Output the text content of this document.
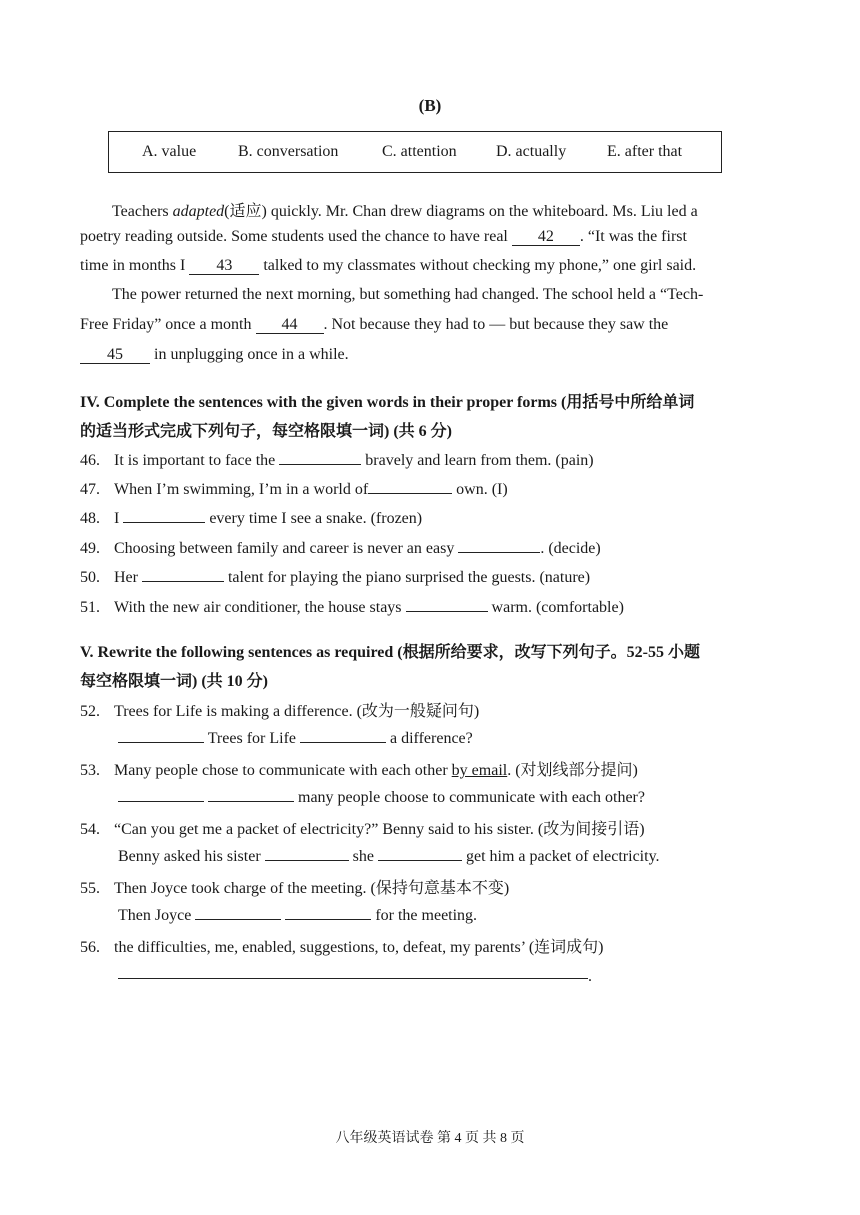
(B)
A. value	B. conversation	C. attention D. actually	E. after that
Teachers adapted(适应) quickly. Mr. Chan drew diagrams on the whiteboard. Ms. Liu led a
poetry reading outside. Some students used the chance to have real 42 . “It was the first
time in months I 43 talked to my classmates without checking my phone,” one girl said.
The power returned the next morning, but something had changed. The school held a “Tech-
Free Friday” once a month 44 . Not because they had to — but because they saw the
45 in unplugging once in a while.
IV. Complete the sentences with the given words in their proper forms (用括号中所给单词
的适当形式完成下列句子，每空格限填一词) (共 6 分)
46. It is important to face the	bravely and learn from them. (pain)
47. When I’m swimming, I’m in a world of	own. (I)
48. I	every time I see a snake. (frozen)
49. Choosing between family and career is never an easy	. (decide)
50. Her	talent for playing the piano surprised the guests. (nature)
51. With the new air conditioner, the house stays	warm. (comfortable)
V. Rewrite the following sentences as required (根据所给要求，改写下列句子。52-55 小题
每空格限填一词) (共 10 分)
52. Trees for Life is making a difference. (改为一般疑问句)
Trees for Life	a difference?
53. Many people chose to communicate with each other by email. (对划线部分提问)
many people choose to communicate with each other?
54. “Can you get me a packet of electricity?” Benny said to his sister. (改为间接引语)
Benny asked his sister	she	get him a packet of electricity.
55. Then Joyce took charge of the meeting. (保持句意基本不变)
Then Joyce	for the meeting.
56. the difficulties, me, enabled, suggestions, to, defeat, my parents’ (连词成句)
.
八年级英语试卷 第 4 页 共 8 页
